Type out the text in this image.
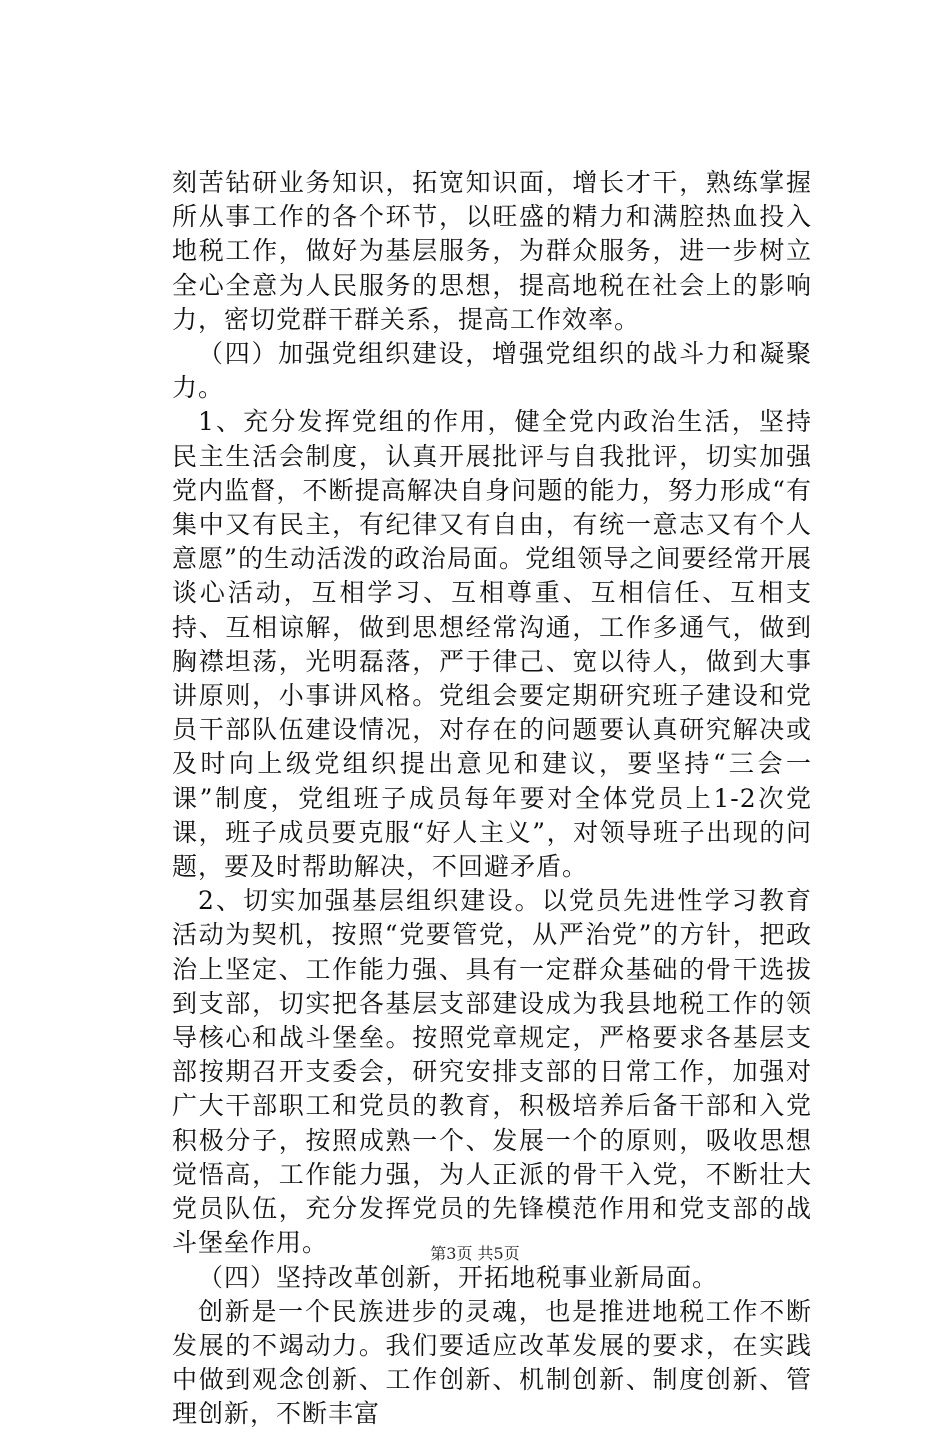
刻苦钻研业务知识，拓宽知识面，增长才干，熟练掌握所从事工作的各个环节，以旺盛的精力和满腔热血投入地税工作，做好为基层服务，为群众服务，进一步树立全心全意为人民服务的思想，提高地税在社会上的影响力，密切党群干群关系，提高工作效率。

（四）加强党组织建设，增强党组织的战斗力和凝聚力。

1、充分发挥党组的作用，健全党内政治生活，坚持民主生活会制度，认真开展批评与自我批评，切实加强党内监督，不断提高解决自身问题的能力，努力形成“有集中又有民主，有纪律又有自由，有统一意志又有个人意愿”的生动活泼的政治局面。党组领导之间要经常开展谈心活动，互相学习、互相尊重、互相信任、互相支持、互相谅解，做到思想经常沟通，工作多通气，做到胸襟坦荡，光明磊落，严于律己、宽以待人，做到大事讲原则，小事讲风格。党组会要定期研究班子建设和党员干部队伍建设情况，对存在的问题要认真研究解决或及时向上级党组织提出意见和建议，要坚持“三会一课”制度，党组班子成员每年要对全体党员上1-2次党课，班子成员要克服“好人主义”，对领导班子出现的问题，要及时帮助解决，不回避矛盾。

2、切实加强基层组织建设。以党员先进性学习教育活动为契机，按照“党要管党，从严治党”的方针，把政治上坚定、工作能力强、具有一定群众基础的骨干选拔到支部，切实把各基层支部建设成为我县地税工作的领导核心和战斗堡垒。按照党章规定，严格要求各基层支部按期召开支委会，研究安排支部的日常工作，加强对广大干部职工和党员的教育，积极培养后备干部和入党积极分子，按照成熟一个、发展一个的原则，吸收思想觉悟高，工作能力强，为人正派的骨干入党，不断壮大党员队伍，充分发挥党员的先锋模范作用和党支部的战斗堡垒作用。

（四）坚持改革创新，开拓地税事业新局面。

创新是一个民族进步的灵魂，也是推进地税工作不断发展的不竭动力。我们要适应改革发展的要求，在实践中做到观念创新、工作创新、机制创新、制度创新、管理创新，不断丰富

第3页 共5页
